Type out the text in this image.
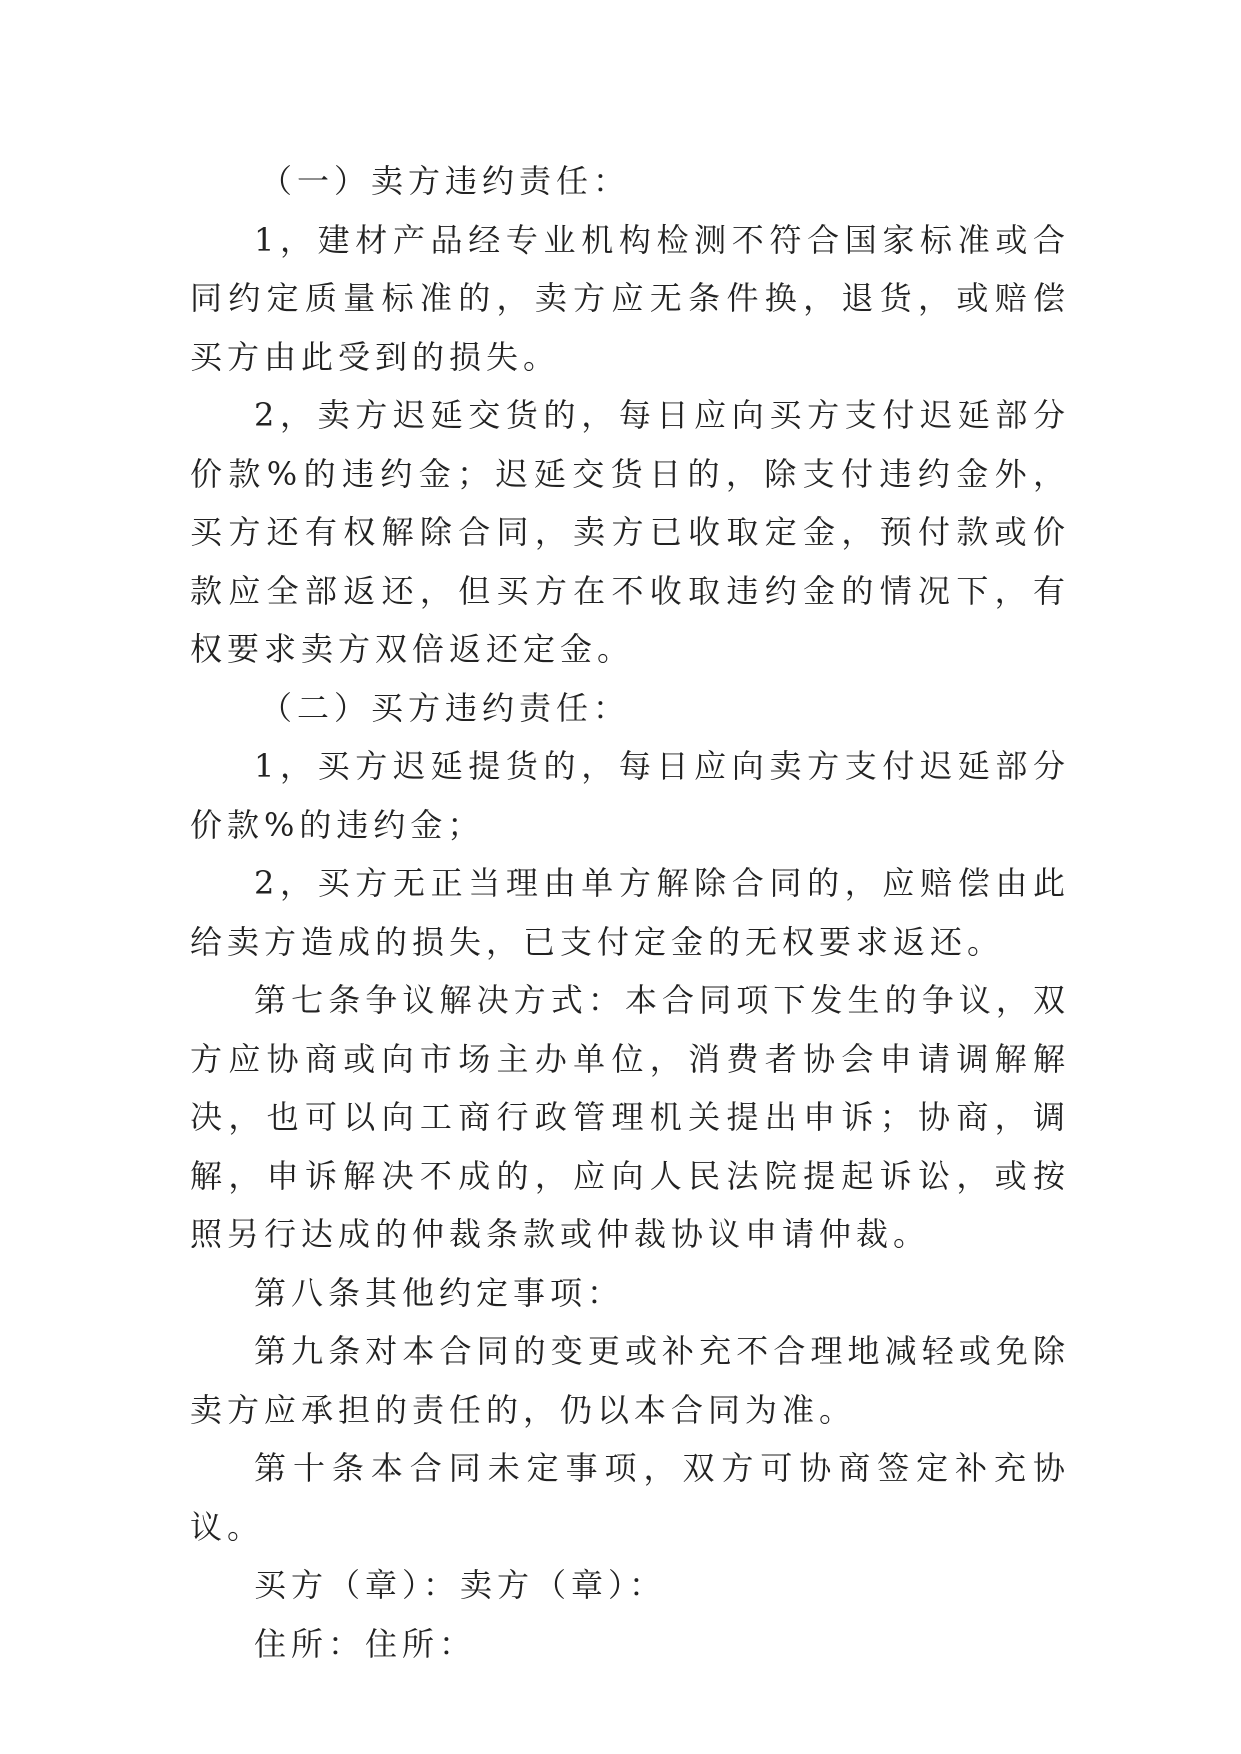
（一）卖方违约责任：

1，建材产品经专业机构检测不符合国家标准或合同约定质量标准的，卖方应无条件换，退货，或赔偿买方由此受到的损失。

2，卖方迟延交货的，每日应向买方支付迟延部分价款%的违约金；迟延交货日的，除支付违约金外，买方还有权解除合同，卖方已收取定金，预付款或价款应全部返还，但买方在不收取违约金的情况下，有权要求卖方双倍返还定金。

（二）买方违约责任：

1，买方迟延提货的，每日应向卖方支付迟延部分价款%的违约金；

2，买方无正当理由单方解除合同的，应赔偿由此给卖方造成的损失，已支付定金的无权要求返还。

第七条争议解决方式：本合同项下发生的争议，双方应协商或向市场主办单位，消费者协会申请调解解决，也可以向工商行政管理机关提出申诉；协商，调解，申诉解决不成的，应向人民法院提起诉讼，或按照另行达成的仲裁条款或仲裁协议申请仲裁。

第八条其他约定事项：

第九条对本合同的变更或补充不合理地减轻或免除卖方应承担的责任的，仍以本合同为准。

第十条本合同未定事项，双方可协商签定补充协议。

买方（章）：卖方（章）：

住所：住所：
